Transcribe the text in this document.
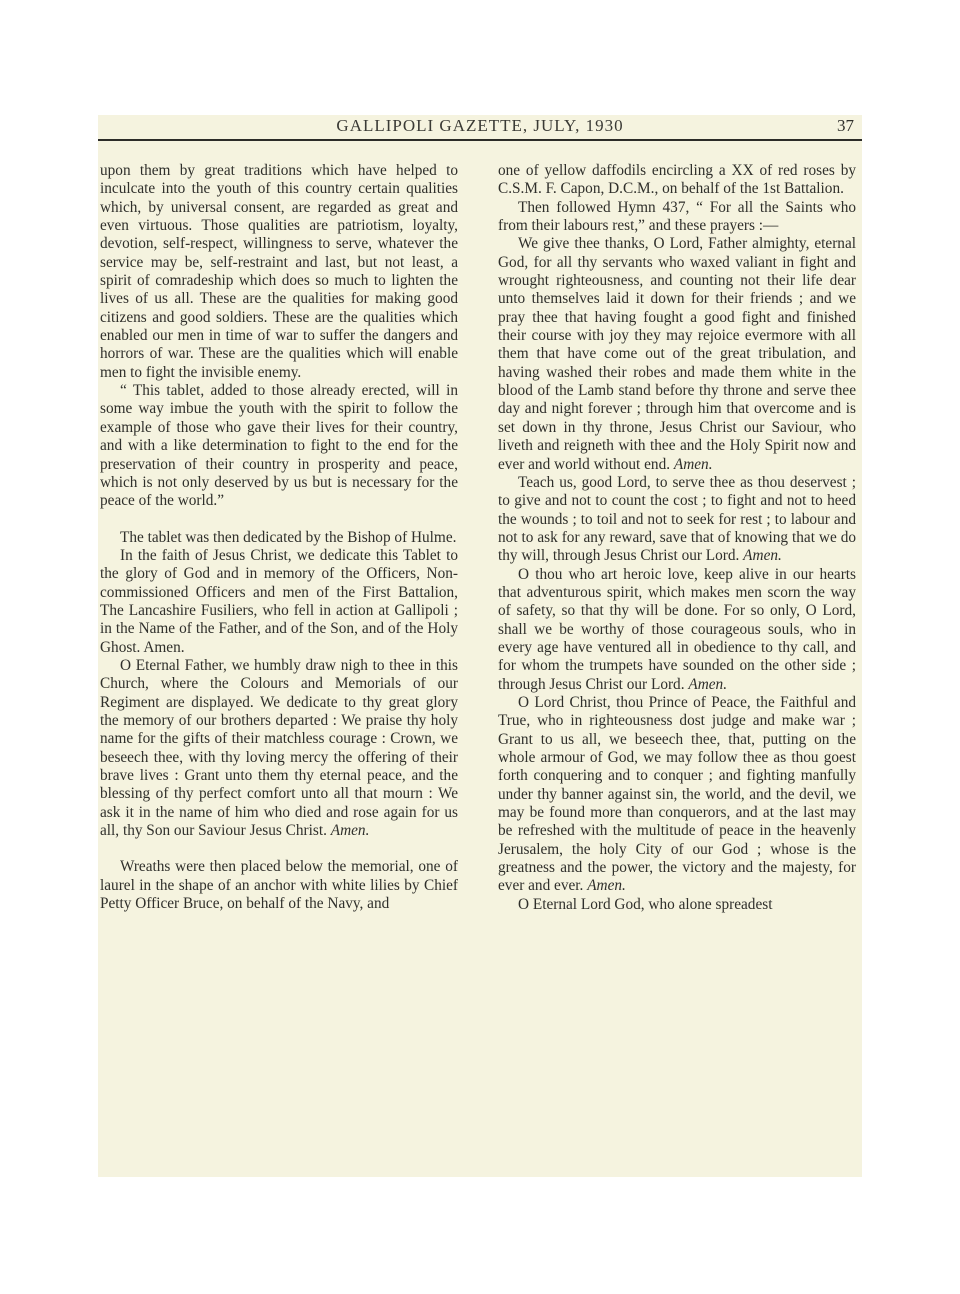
GALLIPOLI GAZETTE, JULY, 1930	37

upon them by great traditions which have helped to inculcate into the youth of this country certain qualities which, by universal consent, are regarded as great and even virtuous. Those qualities are patriotism, loyalty, devotion, self-respect, willingness to serve, whatever the service may be, self-restraint and last, but not least, a spirit of comradeship which does so much to lighten the lives of us all. These are the qualities for making good citizens and good soldiers. These are the qualities which enabled our men in time of war to suffer the dangers and horrors of war. These are the qualities which will enable men to fight the invisible enemy.

“ This tablet, added to those already erected, will in some way imbue the youth with the spirit to follow the example of those who gave their lives for their country, and with a like determination to fight to the end for the preservation of their country in prosperity and peace, which is not only deserved by us but is necessary for the peace of the world.”

The tablet was then dedicated by the Bishop of Hulme.

In the faith of Jesus Christ, we dedicate this Tablet to the glory of God and in memory of the Officers, Non-commissioned Officers and men of the First Battalion, The Lancashire Fusiliers, who fell in action at Gallipoli ; in the Name of the Father, and of the Son, and of the Holy Ghost. Amen.

O Eternal Father, we humbly draw nigh to thee in this Church, where the Colours and Memorials of our Regiment are displayed. We dedicate to thy great glory the memory of our brothers departed : We praise thy holy name for the gifts of their matchless courage : Crown, we beseech thee, with thy loving mercy the offering of their brave lives : Grant unto them thy eternal peace, and the blessing of thy perfect comfort unto all that mourn : We ask it in the name of him who died and rose again for us all, thy Son our Saviour Jesus Christ. Amen.

Wreaths were then placed below the memorial, one of laurel in the shape of an anchor with white lilies by Chief Petty Officer Bruce, on behalf of the Navy, and

one of yellow daffodils encircling a XX of red roses by C.S.M. F. Capon, D.C.M., on behalf of the 1st Battalion.

Then followed Hymn 437, “ For all the Saints who from their labours rest,” and these prayers :—

We give thee thanks, O Lord, Father almighty, eternal God, for all thy servants who waxed valiant in fight and wrought righteousness, and counting not their life dear unto themselves laid it down for their friends ; and we pray thee that having fought a good fight and finished their course with joy they may rejoice evermore with all them that have come out of the great tribulation, and having washed their robes and made them white in the blood of the Lamb stand before thy throne and serve thee day and night forever ; through him that overcome and is set down in thy throne, Jesus Christ our Saviour, who liveth and reigneth with thee and the Holy Spirit now and ever and world without end. Amen.

Teach us, good Lord, to serve thee as thou deservest ; to give and not to count the cost ; to fight and not to heed the wounds ; to toil and not to seek for rest ; to labour and not to ask for any reward, save that of knowing that we do thy will, through Jesus Christ our Lord. Amen.

O thou who art heroic love, keep alive in our hearts that adventurous spirit, which makes men scorn the way of safety, so that thy will be done. For so only, O Lord, shall we be worthy of those courageous souls, who in every age have ventured all in obedience to thy call, and for whom the trumpets have sounded on the other side ; through Jesus Christ our Lord. Amen.

O Lord Christ, thou Prince of Peace, the Faithful and True, who in righteousness dost judge and make war ; Grant to us all, we beseech thee, that, putting on the whole armour of God, we may follow thee as thou goest forth conquering and to conquer ; and fighting manfully under thy banner against sin, the world, and the devil, we may be found more than conquerors, and at the last may be refreshed with the multitude of peace in the heavenly Jerusalem, the holy City of our God ; whose is the greatness and the power, the victory and the majesty, for ever and ever. Amen.

O Eternal Lord God, who alone spreadest
